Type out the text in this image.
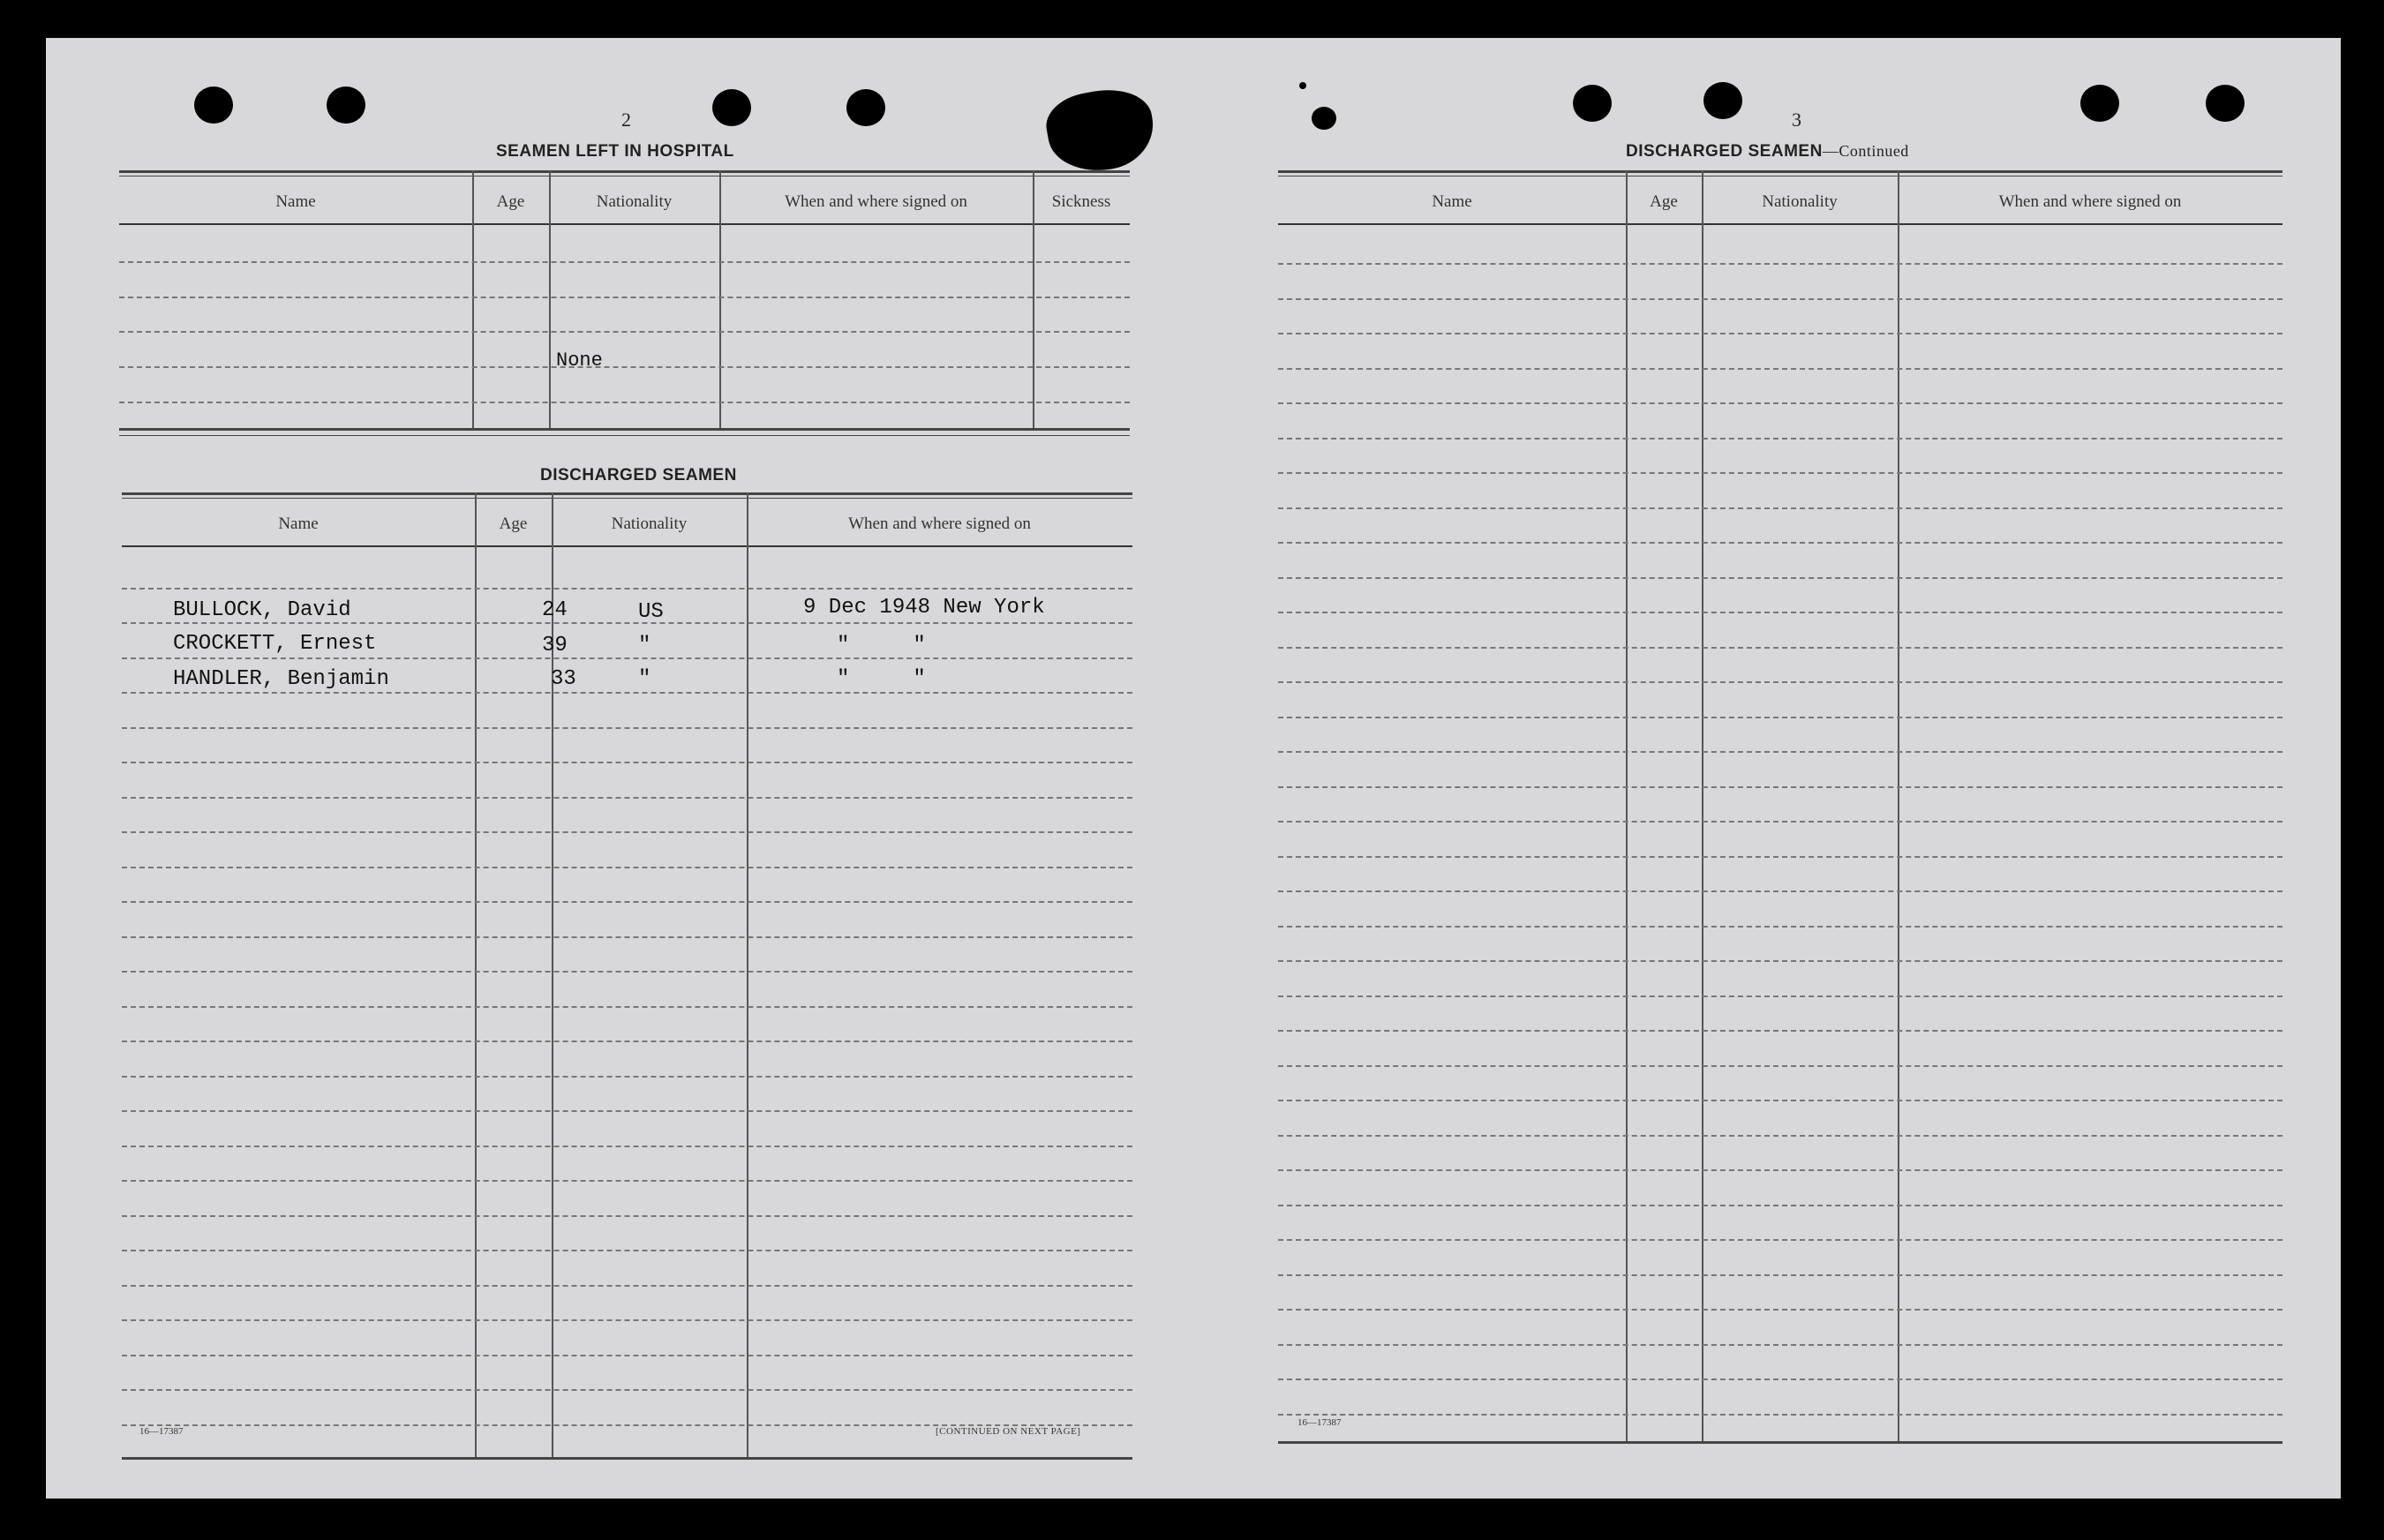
2
SEAMEN LEFT IN HOSPITAL
Name	Age	Nationality	When and where signed on	Sickness
None
DISCHARGED SEAMEN
Name	Age	Nationality	When and where signed on
BULLOCK, David	24	US	9 Dec 1948 New York
CROCKETT, Ernest	39	"	"     "
HANDLER, Benjamin	33	"	"     "
16—17387	[CONTINUED ON NEXT PAGE]
3
DISCHARGED SEAMEN—Continued
Name	Age	Nationality	When and where signed on
16—17387
